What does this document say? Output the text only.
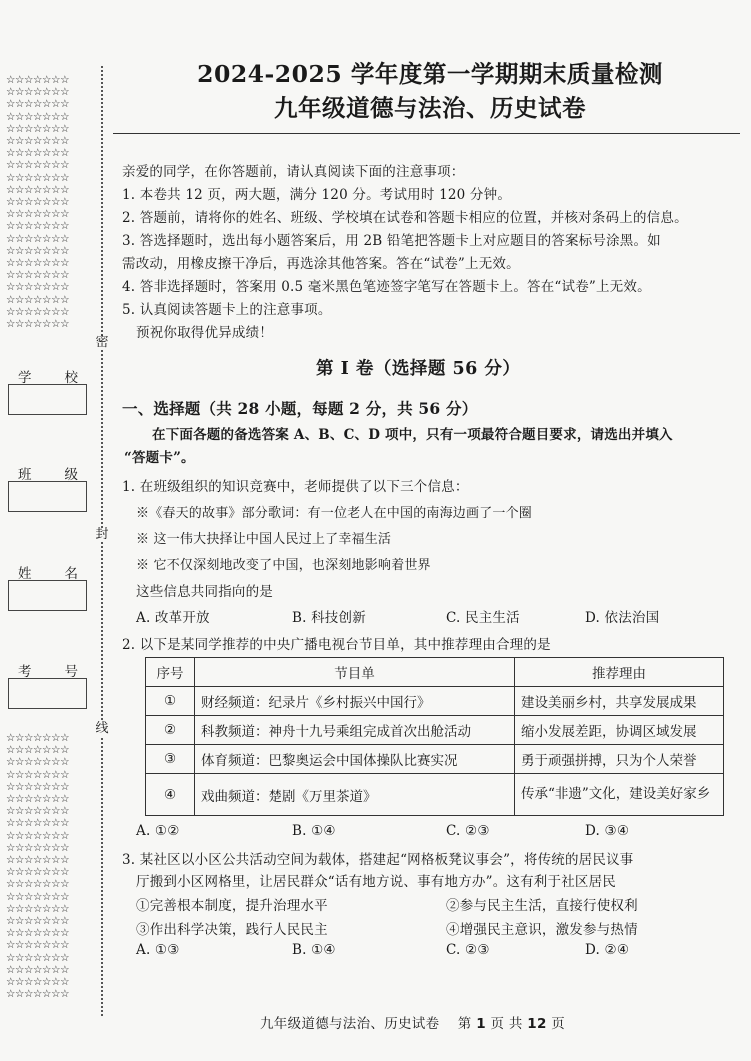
☆☆☆☆☆☆☆
☆☆☆☆☆☆☆
☆☆☆☆☆☆☆
☆☆☆☆☆☆☆
☆☆☆☆☆☆☆
☆☆☆☆☆☆☆
☆☆☆☆☆☆☆
☆☆☆☆☆☆☆
☆☆☆☆☆☆☆
☆☆☆☆☆☆☆
☆☆☆☆☆☆☆
☆☆☆☆☆☆☆
☆☆☆☆☆☆☆
☆☆☆☆☆☆☆
☆☆☆☆☆☆☆
☆☆☆☆☆☆☆
☆☆☆☆☆☆☆
☆☆☆☆☆☆☆
☆☆☆☆☆☆☆
☆☆☆☆☆☆☆
☆☆☆☆☆☆☆
☆☆☆☆☆☆☆
☆☆☆☆☆☆☆
☆☆☆☆☆☆☆
☆☆☆☆☆☆☆
☆☆☆☆☆☆☆
☆☆☆☆☆☆☆
☆☆☆☆☆☆☆
☆☆☆☆☆☆☆
☆☆☆☆☆☆☆
☆☆☆☆☆☆☆
☆☆☆☆☆☆☆
☆☆☆☆☆☆☆
☆☆☆☆☆☆☆
☆☆☆☆☆☆☆
☆☆☆☆☆☆☆
☆☆☆☆☆☆☆
☆☆☆☆☆☆☆
☆☆☆☆☆☆☆
☆☆☆☆☆☆☆
☆☆☆☆☆☆☆
☆☆☆☆☆☆☆
☆☆☆☆☆☆☆
密
封
线
学 校
班 级
姓 名
考 号
2024-2025 学年度第一学期期末质量检测
九年级道德与法治、历史试卷
亲爱的同学，在你答题前，请认真阅读下面的注意事项：
1. 本卷共 12 页，两大题，满分 120 分。考试用时 120 分钟。
2. 答题前，请将你的姓名、班级、学校填在试卷和答题卡相应的位置，并核对条码上的信息。
3. 答选择题时，选出每小题答案后，用 2B 铅笔把答题卡上对应题目的答案标号涂黑。如
需改动，用橡皮擦干净后，再选涂其他答案。答在“试卷”上无效。
4. 答非选择题时，答案用 0.5 毫米黑色笔迹签字笔写在答题卡上。答在“试卷”上无效。
5. 认真阅读答题卡上的注意事项。
预祝你取得优异成绩！
第 I 卷（选择题 56 分）
一、选择题（共 28 小题，每题 2 分，共 56 分）
在下面各题的备选答案 A、B、C、D 项中，只有一项最符合题目要求，请选出并填入
“答题卡”。
1. 在班级组织的知识竞赛中，老师提供了以下三个信息：
※《春天的故事》部分歌词：有一位老人在中国的南海边画了一个圈
※ 这一伟大抉择让中国人民过上了幸福生活
※ 它不仅深刻地改变了中国，也深刻地影响着世界
这些信息共同指向的是
A. 改革开放	B. 科技创新	C. 民主生活	D. 依法治国
2. 以下是某同学推荐的中央广播电视台节目单，其中推荐理由合理的是
序号	节目单	推荐理由
①	财经频道：纪录片《乡村振兴中国行》	建设美丽乡村，共享发展成果
②	科教频道：神舟十九号乘组完成首次出舱活动	缩小发展差距，协调区域发展
③	体育频道：巴黎奥运会中国体操队比赛实况	勇于顽强拼搏，只为个人荣誉
④	戏曲频道：楚剧《万里茶道》	传承“非遗”文化，建设美好家乡
A. ①②	B. ①④	C. ②③	D. ③④
3. 某社区以小区公共活动空间为载体，搭建起“网格板凳议事会”，将传统的居民议事
厅搬到小区网格里，让居民群众“话有地方说、事有地方办”。这有利于社区居民
①完善根本制度，提升治理水平	②参与民主生活，直接行使权利
③作出科学决策，践行人民民主	④增强民主意识，激发参与热情
A. ①③	B. ①④	C. ②③	D. ②④
九年级道德与法治、历史试卷 第 1 页 共 12 页
